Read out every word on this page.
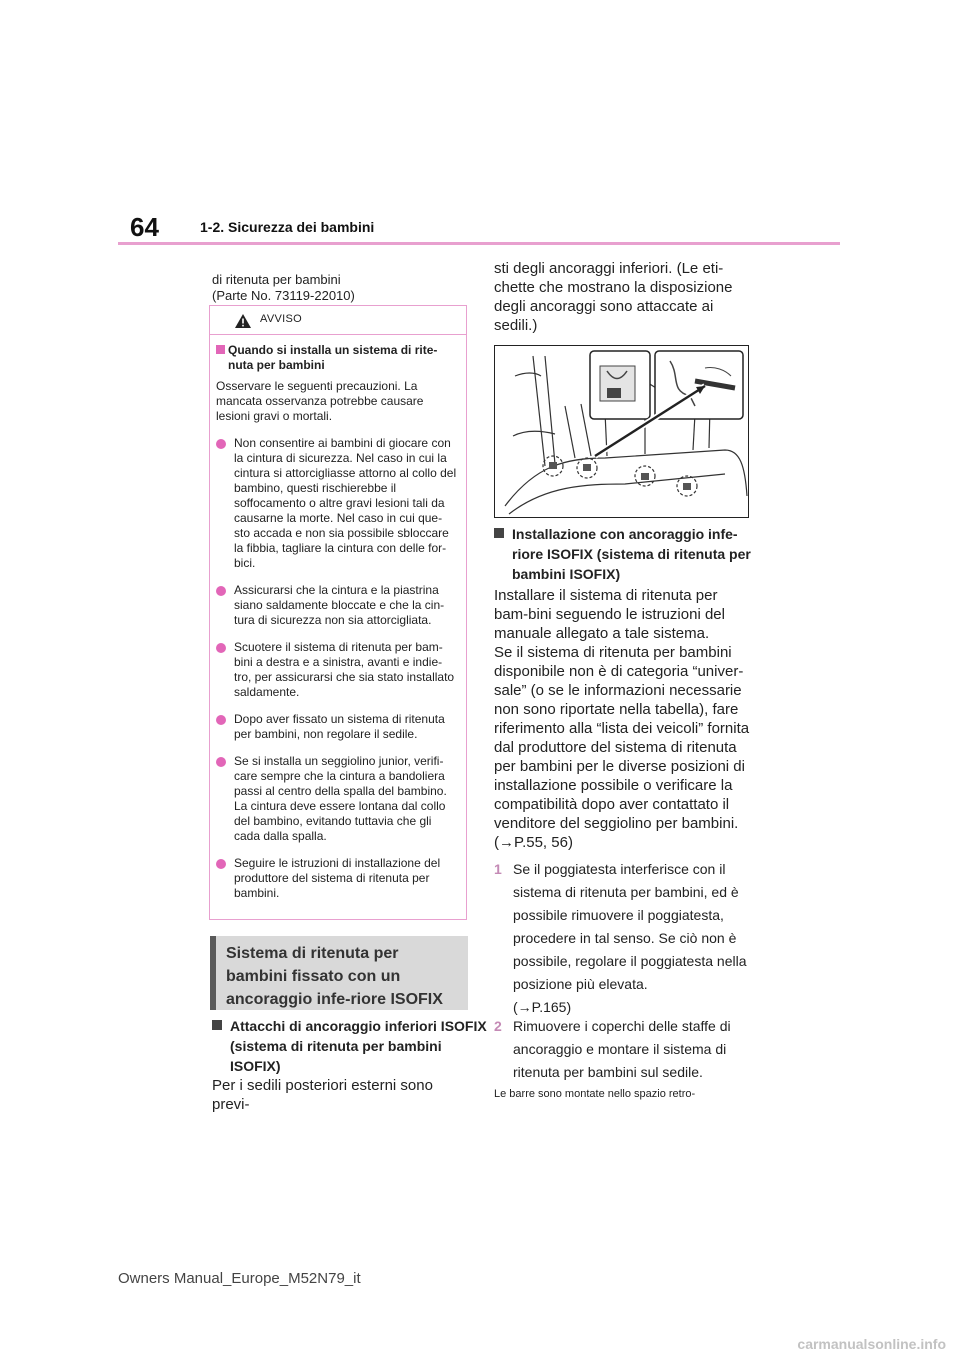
64	1-2. Sicurezza dei bambini
di ritenuta per bambini
(Parte No. 73119-22010)
AVVISO
Quando si installa un sistema di rite-nuta per bambini
Osservare le seguenti precauzioni. La mancata osservanza potrebbe causare lesioni gravi o mortali.
Non consentire ai bambini di giocare con la cintura di sicurezza. Nel caso in cui la cintura si attorcigliasse attorno al collo del bambino, questi rischierebbe il soffocamento o altre gravi lesioni tali da causarne la morte. Nel caso in cui que-sto accada e non sia possibile sbloccare la fibbia, tagliare la cintura con delle for-bici.
Assicurarsi che la cintura e la piastrina siano saldamente bloccate e che la cin-tura di sicurezza non sia attorcigliata.
Scuotere il sistema di ritenuta per bam-bini a destra e a sinistra, avanti e indie-tro, per assicurarsi che sia stato installato saldamente.
Dopo aver fissato un sistema di ritenuta per bambini, non regolare il sedile.
Se si installa un seggiolino junior, verifi-care sempre che la cintura a bandoliera passi al centro della spalla del bambino. La cintura deve essere lontana dal collo del bambino, evitando tuttavia che gli cada dalla spalla.
Seguire le istruzioni di installazione del produttore del sistema di ritenuta per bambini.
Sistema di ritenuta per bambini fissato con un ancoraggio infe-riore ISOFIX
Attacchi di ancoraggio inferiori ISOFIX (sistema di ritenuta per bambini ISOFIX)
Per i sedili posteriori esterni sono previ-
sti degli ancoraggi inferiori. (Le eti-chette che mostrano la disposizione degli ancoraggi sono attaccate ai sedili.)
Installazione con ancoraggio infe-riore ISOFIX (sistema di ritenuta per bambini ISOFIX)
Installare il sistema di ritenuta per bam-bini seguendo le istruzioni del manuale allegato a tale sistema.
Se il sistema di ritenuta per bambini disponibile non è di categoria “univer-sale” (o se le informazioni necessarie non sono riportate nella tabella), fare riferimento alla “lista dei veicoli” fornita dal produttore del sistema di ritenuta per bambini per le diverse posizioni di installazione possibile o verificare la compatibilità dopo aver contattato il venditore del seggiolino per bambini.
(→P.55, 56)
1 Se il poggiatesta interferisce con il sistema di ritenuta per bambini, ed è possibile rimuovere il poggiatesta, procedere in tal senso. Se ciò non è possibile, regolare il poggiatesta nella posizione più elevata.
(→P.165)
2 Rimuovere i coperchi delle staffe di ancoraggio e montare il sistema di ritenuta per bambini sul sedile.
Le barre sono montate nello spazio retro-
Owners Manual_Europe_M52N79_it
carmanualsonline.info
